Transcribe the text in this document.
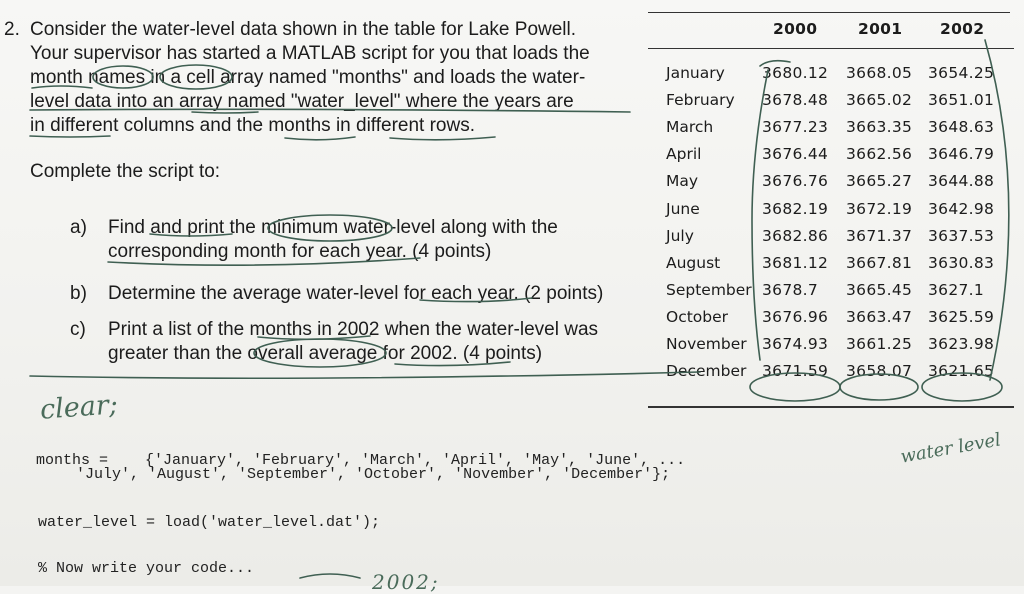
2. Consider the water-level data shown in the table for Lake Powell.
Your supervisor has started a MATLAB script for you that loads the
month names in a cell array named "months" and loads the water-
level data into an array named "water_level" where the years are
in different columns and the months in different rows.
Complete the script to:
a) Find and print the minimum water-level along with the
corresponding month for each year. (4 points)
b) Determine the average water-level for each year. (2 points)
c) Print a list of the months in 2002 when the water-level was
greater than the overall average for 2002. (4 points)
2000	2001 2002
January 3680.12 3668.05 3654.25
February 3678.48 3665.02 3651.01
March	3677.23 3663.35 3648.63
April	3676.44 3662.56 3646.79
May	3676.76 3665.27 3644.88
June	3682.19 3672.19 3642.98
July	3682.86 3671.37 3637.53
August	3681.12 3667.81 3630.83
September 3678.7 3665.45 3627.1
October 3676.96 3663.47 3625.59
November 3674.93 3661.25 3623.98
December 3671.59 3658.07 3621.65
clear;
water level
2002;
months = {'January', 'February', 'March', 'April', 'May', 'June', ...
'July', 'August', 'September', 'October', 'November', 'December'};
water_level = load('water_level.dat');
% Now write your code...
